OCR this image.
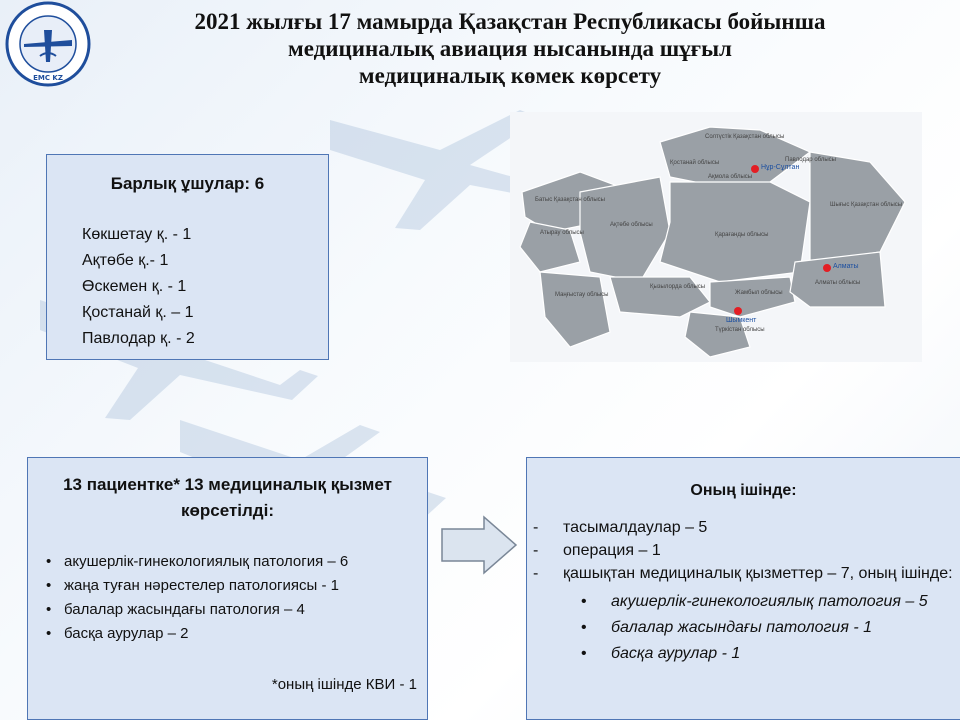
EMC KZ
2021 жылғы 17 мамырда Қазақстан Республикасы бойынша
медициналық авиация нысанында шұғыл
медициналық көмек көрсету
Барлық ұшулар: 6
Көкшетау қ. - 1
Ақтөбе қ.- 1
Өскемен қ. - 1
Қостанай қ. – 1
Павлодар қ. - 2
Солтүстік Қазақстан облысы
Қостанай облысы
Ақмола облысы
Павлодар облысы
Батыс Қазақстан облысы
Атырау облысы
Ақтөбе облысы
Қарағанды облысы
Шығыс Қазақстан облысы
Маңғыстау облысы
Қызылорда облысы
Жамбыл облысы
Алматы облысы
Түркістан облысы
Нұр-Сұлтан
Алматы
Шымкент
13 пациентке* 13 медициналық қызмет көрсетілді:
• акушерлік-гинекологиялық патология – 6
• жаңа туған нәрестелер патологиясы - 1
• балалар жасындағы патология – 4
• басқа аурулар – 2
*оның ішінде КВИ - 1
Оның ішінде:
- тасымалдаулар – 5
- операция – 1
- қашықтан медициналық қызметтер – 7, оның ішінде:
• акушерлік-гинекологиялық патология – 5
• балалар жасындағы патология - 1
• басқа аурулар - 1
